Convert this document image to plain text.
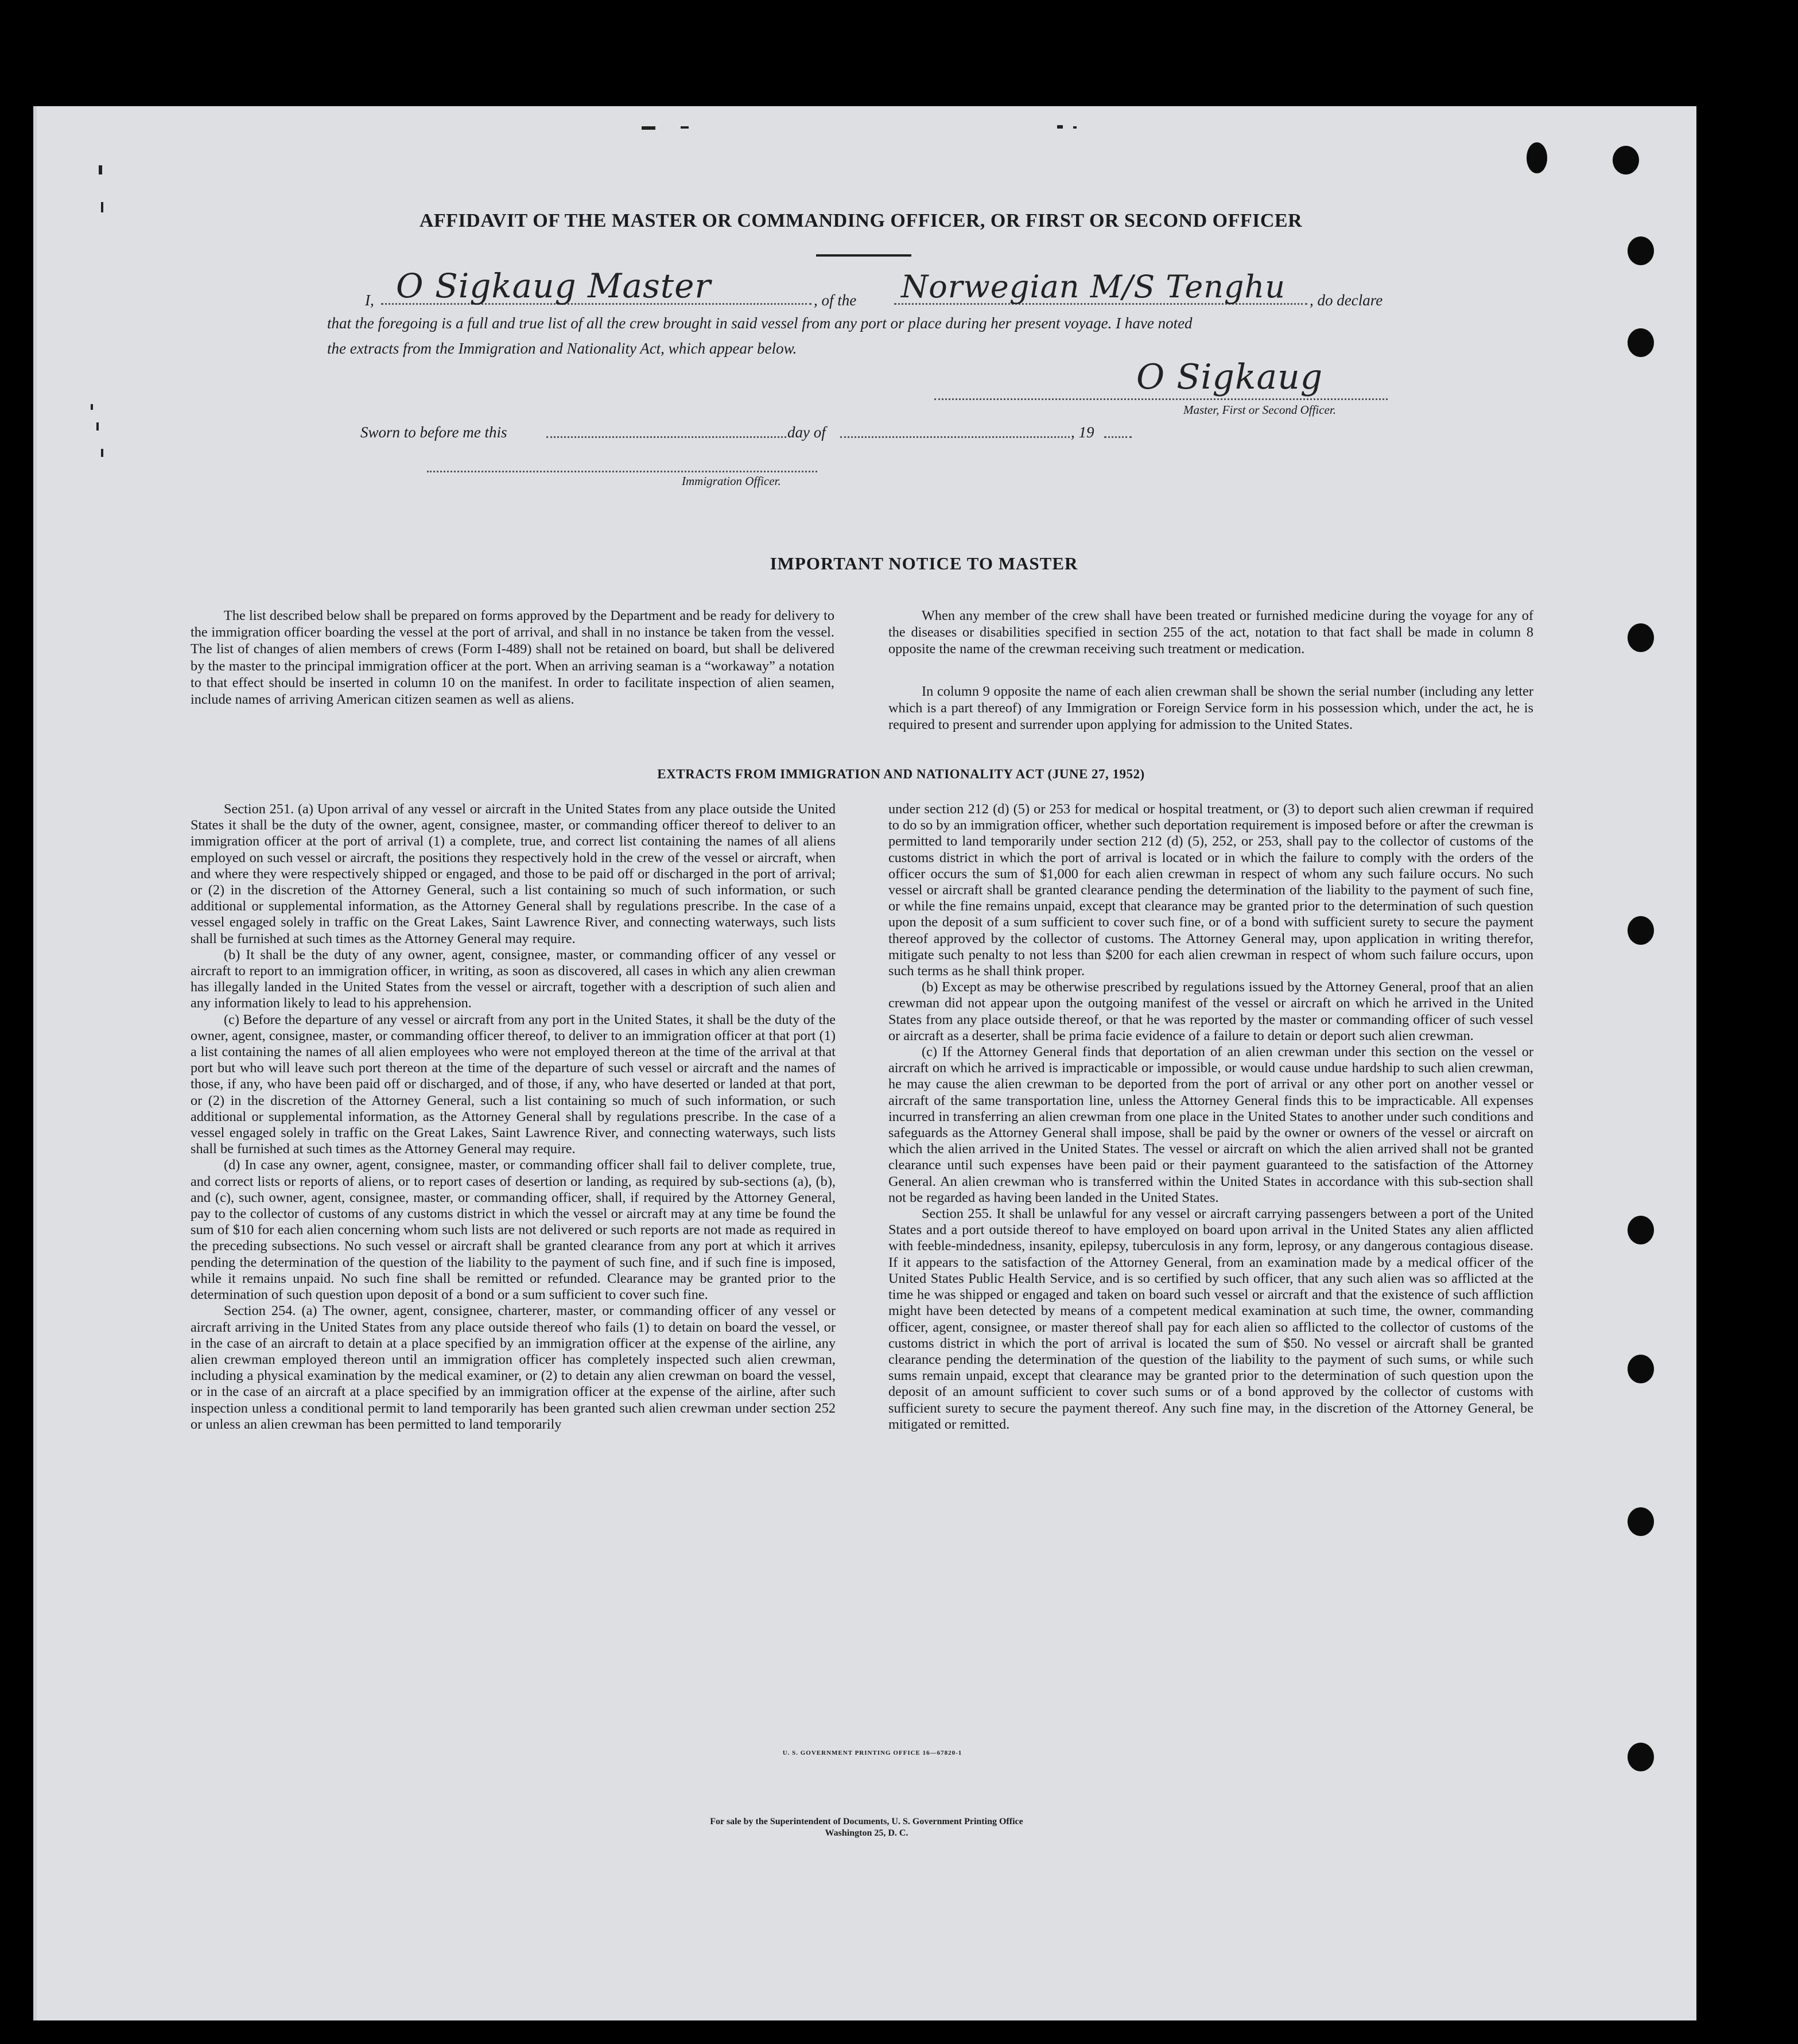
AFFIDAVIT OF THE MASTER OR COMMANDING OFFICER, OR FIRST OR SECOND OFFICER
I, O Sigkaug Master	, of the Norwegian M/S Tenghu , do declare
that the foregoing is a full and true list of all the crew brought in said vessel from any port or place during her present voyage. I have noted
the extracts from the Immigration and Nationality Act, which appear below.
O Sigkaug
Master, First or Second Officer.
Sworn to before me this	day of	, 19
Immigration Officer.
IMPORTANT NOTICE TO MASTER

The list described below shall be prepared on forms approved by the Department and be ready for delivery to the immigration officer boarding the vessel at the port of arrival, and shall in no instance be taken from the vessel. The list of changes of alien members of crews (Form I-489) shall not be retained on board, but shall be delivered by the master to the principal immigration officer at the port. When an arriving seaman is a “workaway” a notation to that effect should be inserted in column 10 on the manifest. In order to facilitate inspection of alien seamen, include names of arriving American citizen seamen as well as aliens.

When any member of the crew shall have been treated or furnished medicine during the voyage for any of the diseases or disabilities specified in section 255 of the act, notation to that fact shall be made in column 8 opposite the name of the crewman receiving such treatment or medication.

In column 9 opposite the name of each alien crewman shall be shown the serial number (including any letter which is a part thereof) of any Immigration or Foreign Service form in his possession which, under the act, he is required to present and surrender upon applying for admission to the United States.

EXTRACTS FROM IMMIGRATION AND NATIONALITY ACT (JUNE 27, 1952)

Section 251. (a) Upon arrival of any vessel or aircraft in the United States from any place outside the United States it shall be the duty of the owner, agent, consignee, master, or commanding officer thereof to deliver to an immigration officer at the port of arrival (1) a complete, true, and correct list containing the names of all aliens employed on such vessel or aircraft, the positions they respectively hold in the crew of the vessel or aircraft, when and where they were respectively shipped or engaged, and those to be paid off or discharged in the port of arrival; or (2) in the discretion of the Attorney General, such a list containing so much of such information, or such additional or supplemental information, as the Attorney General shall by regulations prescribe. In the case of a vessel engaged solely in traffic on the Great Lakes, Saint Lawrence River, and connecting waterways, such lists shall be furnished at such times as the Attorney General may require.

(b) It shall be the duty of any owner, agent, consignee, master, or commanding officer of any vessel or aircraft to report to an immigration officer, in writing, as soon as discovered, all cases in which any alien crewman has illegally landed in the United States from the vessel or aircraft, together with a description of such alien and any information likely to lead to his apprehension.

(c) Before the departure of any vessel or aircraft from any port in the United States, it shall be the duty of the owner, agent, consignee, master, or commanding officer thereof, to deliver to an immigration officer at that port (1) a list containing the names of all alien employees who were not employed thereon at the time of the arrival at that port but who will leave such port thereon at the time of the departure of such vessel or aircraft and the names of those, if any, who have been paid off or discharged, and of those, if any, who have deserted or landed at that port, or (2) in the discretion of the Attorney General, such a list containing so much of such information, or such additional or supplemental information, as the Attorney General shall by regulations prescribe. In the case of a vessel engaged solely in traffic on the Great Lakes, Saint Lawrence River, and connecting waterways, such lists shall be furnished at such times as the Attorney General may require.

(d) In case any owner, agent, consignee, master, or commanding officer shall fail to deliver complete, true, and correct lists or reports of aliens, or to report cases of desertion or landing, as required by sub-sections (a), (b), and (c), such owner, agent, consignee, master, or commanding officer, shall, if required by the Attorney General, pay to the collector of customs of any customs district in which the vessel or aircraft may at any time be found the sum of $10 for each alien concerning whom such lists are not delivered or such reports are not made as required in the preceding subsections. No such vessel or aircraft shall be granted clearance from any port at which it arrives pending the determination of the question of the liability to the payment of such fine, and if such fine is imposed, while it remains unpaid. No such fine shall be remitted or refunded. Clearance may be granted prior to the determination of such question upon deposit of a bond or a sum sufficient to cover such fine.

Section 254. (a) The owner, agent, consignee, charterer, master, or commanding officer of any vessel or aircraft arriving in the United States from any place outside thereof who fails (1) to detain on board the vessel, or in the case of an aircraft to detain at a place specified by an immigration officer at the expense of the airline, any alien crewman employed thereon until an immigration officer has completely inspected such alien crewman, including a physical examination by the medical examiner, or (2) to detain any alien crewman on board the vessel, or in the case of an aircraft at a place specified by an immigration officer at the expense of the airline, after such inspection unless a conditional permit to land temporarily has been granted such alien crewman under section 252 or unless an alien crewman has been permitted to land temporarily

under section 212 (d) (5) or 253 for medical or hospital treatment, or (3) to deport such alien crewman if required to do so by an immigration officer, whether such deportation requirement is imposed before or after the crewman is permitted to land temporarily under section 212 (d) (5), 252, or 253, shall pay to the collector of customs of the customs district in which the port of arrival is located or in which the failure to comply with the orders of the officer occurs the sum of $1,000 for each alien crewman in respect of whom any such failure occurs. No such vessel or aircraft shall be granted clearance pending the determination of the liability to the payment of such fine, or while the fine remains unpaid, except that clearance may be granted prior to the determination of such question upon the deposit of a sum sufficient to cover such fine, or of a bond with sufficient surety to secure the payment thereof approved by the collector of customs. The Attorney General may, upon application in writing therefor, mitigate such penalty to not less than $200 for each alien crewman in respect of whom such failure occurs, upon such terms as he shall think proper.

(b) Except as may be otherwise prescribed by regulations issued by the Attorney General, proof that an alien crewman did not appear upon the outgoing manifest of the vessel or aircraft on which he arrived in the United States from any place outside thereof, or that he was reported by the master or commanding officer of such vessel or aircraft as a deserter, shall be prima facie evidence of a failure to detain or deport such alien crewman.

(c) If the Attorney General finds that deportation of an alien crewman under this section on the vessel or aircraft on which he arrived is impracticable or impossible, or would cause undue hardship to such alien crewman, he may cause the alien crewman to be deported from the port of arrival or any other port on another vessel or aircraft of the same transportation line, unless the Attorney General finds this to be impracticable. All expenses incurred in transferring an alien crewman from one place in the United States to another under such conditions and safeguards as the Attorney General shall impose, shall be paid by the owner or owners of the vessel or aircraft on which the alien arrived in the United States. The vessel or aircraft on which the alien arrived shall not be granted clearance until such expenses have been paid or their payment guaranteed to the satisfaction of the Attorney General. An alien crewman who is transferred within the United States in accordance with this sub-section shall not be regarded as having been landed in the United States.

Section 255. It shall be unlawful for any vessel or aircraft carrying passengers between a port of the United States and a port outside thereof to have employed on board upon arrival in the United States any alien afflicted with feeble-mindedness, insanity, epilepsy, tuberculosis in any form, leprosy, or any dangerous contagious disease. If it appears to the satisfaction of the Attorney General, from an examination made by a medical officer of the United States Public Health Service, and is so certified by such officer, that any such alien was so afflicted at the time he was shipped or engaged and taken on board such vessel or aircraft and that the existence of such affliction might have been detected by means of a competent medical examination at such time, the owner, commanding officer, agent, consignee, or master thereof shall pay for each alien so afflicted to the collector of customs of the customs district in which the port of arrival is located the sum of $50. No vessel or aircraft shall be granted clearance pending the determination of the question of the liability to the payment of such sums, or while such sums remain unpaid, except that clearance may be granted prior to the determination of such question upon the deposit of an amount sufficient to cover such sums or of a bond approved by the collector of customs with sufficient surety to secure the payment thereof. Any such fine may, in the discretion of the Attorney General, be mitigated or remitted.

U. S. GOVERNMENT PRINTING OFFICE 16—67820-1
For sale by the Superintendent of Documents, U. S. Government Printing Office
Washington 25, D. C.
